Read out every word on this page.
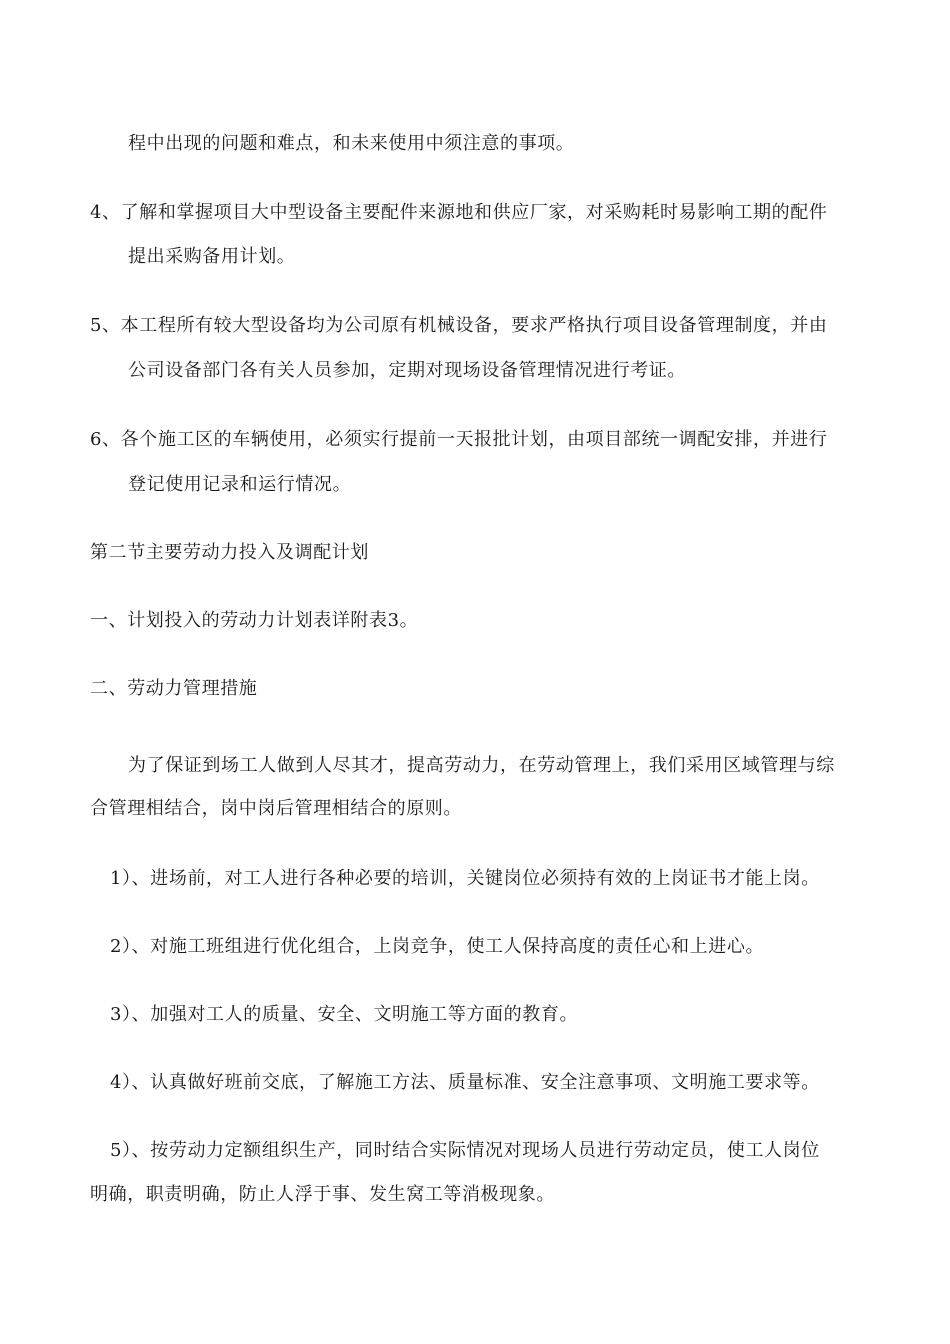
程中出现的问题和难点，和未来使用中须注意的事项。
4、了解和掌握项目大中型设备主要配件来源地和供应厂家，对采购耗时易影响工期的配件
提出采购备用计划。
5、本工程所有较大型设备均为公司原有机械设备，要求严格执行项目设备管理制度，并由
公司设备部门各有关人员参加，定期对现场设备管理情况进行考证。
6、各个施工区的车辆使用，必须实行提前一天报批计划，由项目部统一调配安排，并进行
登记使用记录和运行情况。
第二节主要劳动力投入及调配计划
一、计划投入的劳动力计划表详附表3。
二、劳动力管理措施
为了保证到场工人做到人尽其才，提高劳动力，在劳动管理上，我们采用区域管理与综
合管理相结合，岗中岗后管理相结合的原则。
1）、进场前，对工人进行各种必要的培训，关键岗位必须持有效的上岗证书才能上岗。
2）、对施工班组进行优化组合，上岗竞争，使工人保持高度的责任心和上进心。
3）、加强对工人的质量、安全、文明施工等方面的教育。
4）、认真做好班前交底，了解施工方法、质量标准、安全注意事项、文明施工要求等。
5）、按劳动力定额组织生产，同时结合实际情况对现场人员进行劳动定员，使工人岗位
明确，职责明确，防止人浮于事、发生窝工等消极现象。
